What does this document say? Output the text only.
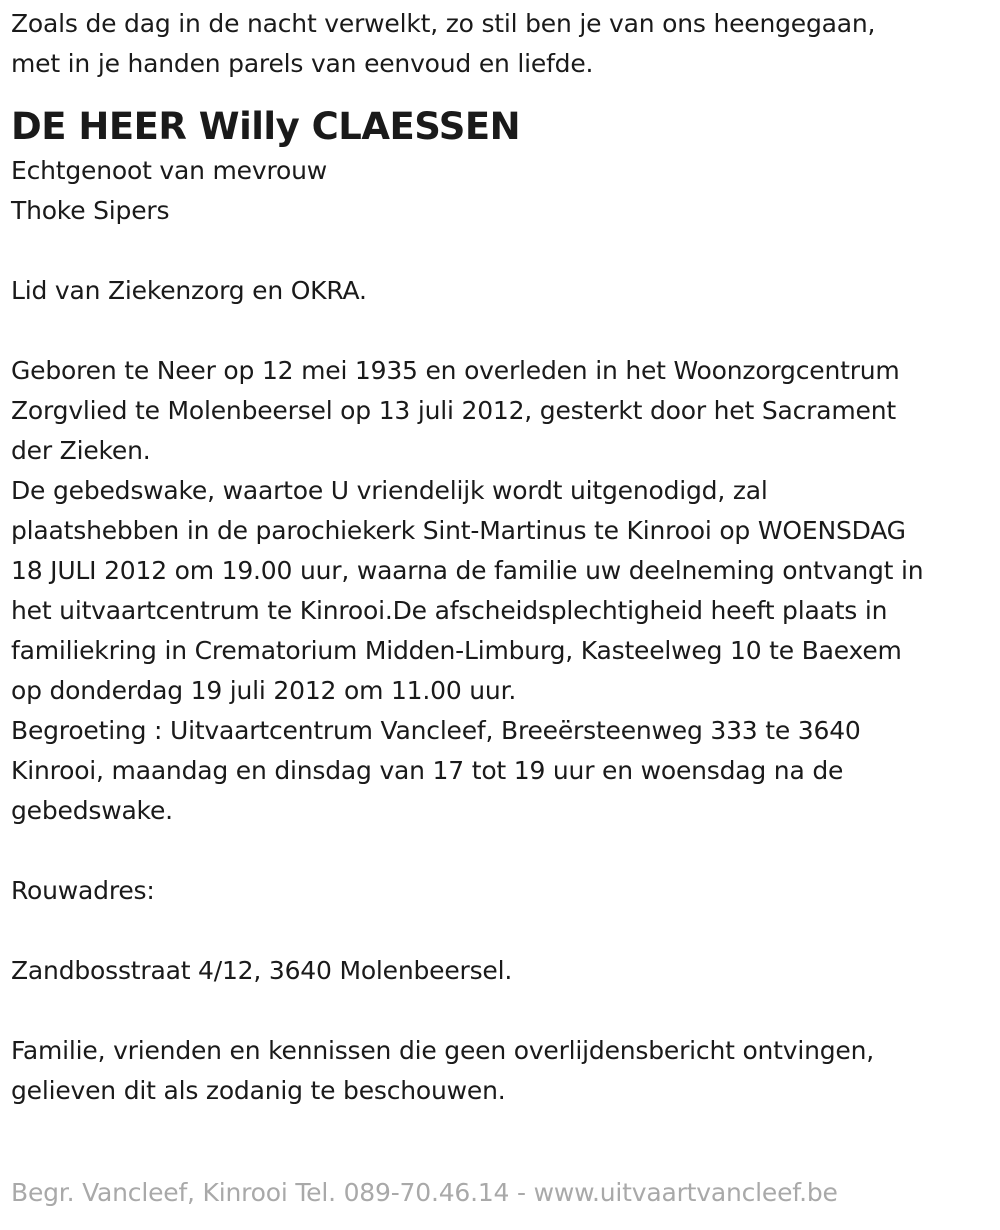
Zoals de dag in de nacht verwelkt, zo stil ben je van ons heengegaan,
met in je handen parels van eenvoud en liefde.
DE HEER Willy CLAESSEN
Echtgenoot van mevrouw
Thoke Sipers
Lid van Ziekenzorg en OKRA.
Geboren te Neer op 12 mei 1935 en overleden in het Woonzorgcentrum
Zorgvlied te Molenbeersel op 13 juli 2012, gesterkt door het Sacrament
der Zieken.
De gebedswake, waartoe U vriendelijk wordt uitgenodigd, zal
plaatshebben in de parochiekerk Sint-Martinus te Kinrooi op WOENSDAG
18 JULI 2012 om 19.00 uur, waarna de familie uw deelneming ontvangt in
het uitvaartcentrum te Kinrooi.De afscheidsplechtigheid heeft plaats in
familiekring in Crematorium Midden-Limburg, Kasteelweg 10 te Baexem
op donderdag 19 juli 2012 om 11.00 uur.
Begroeting : Uitvaartcentrum Vancleef, Breeërsteenweg 333 te 3640
Kinrooi, maandag en dinsdag van 17 tot 19 uur en woensdag na de
gebedswake.
Rouwadres:
Zandbosstraat 4/12, 3640 Molenbeersel.
Familie, vrienden en kennissen die geen overlijdensbericht ontvingen,
gelieven dit als zodanig te beschouwen.
Begr. Vancleef, Kinrooi Tel. 089-70.46.14 - www.uitvaartvancleef.be
